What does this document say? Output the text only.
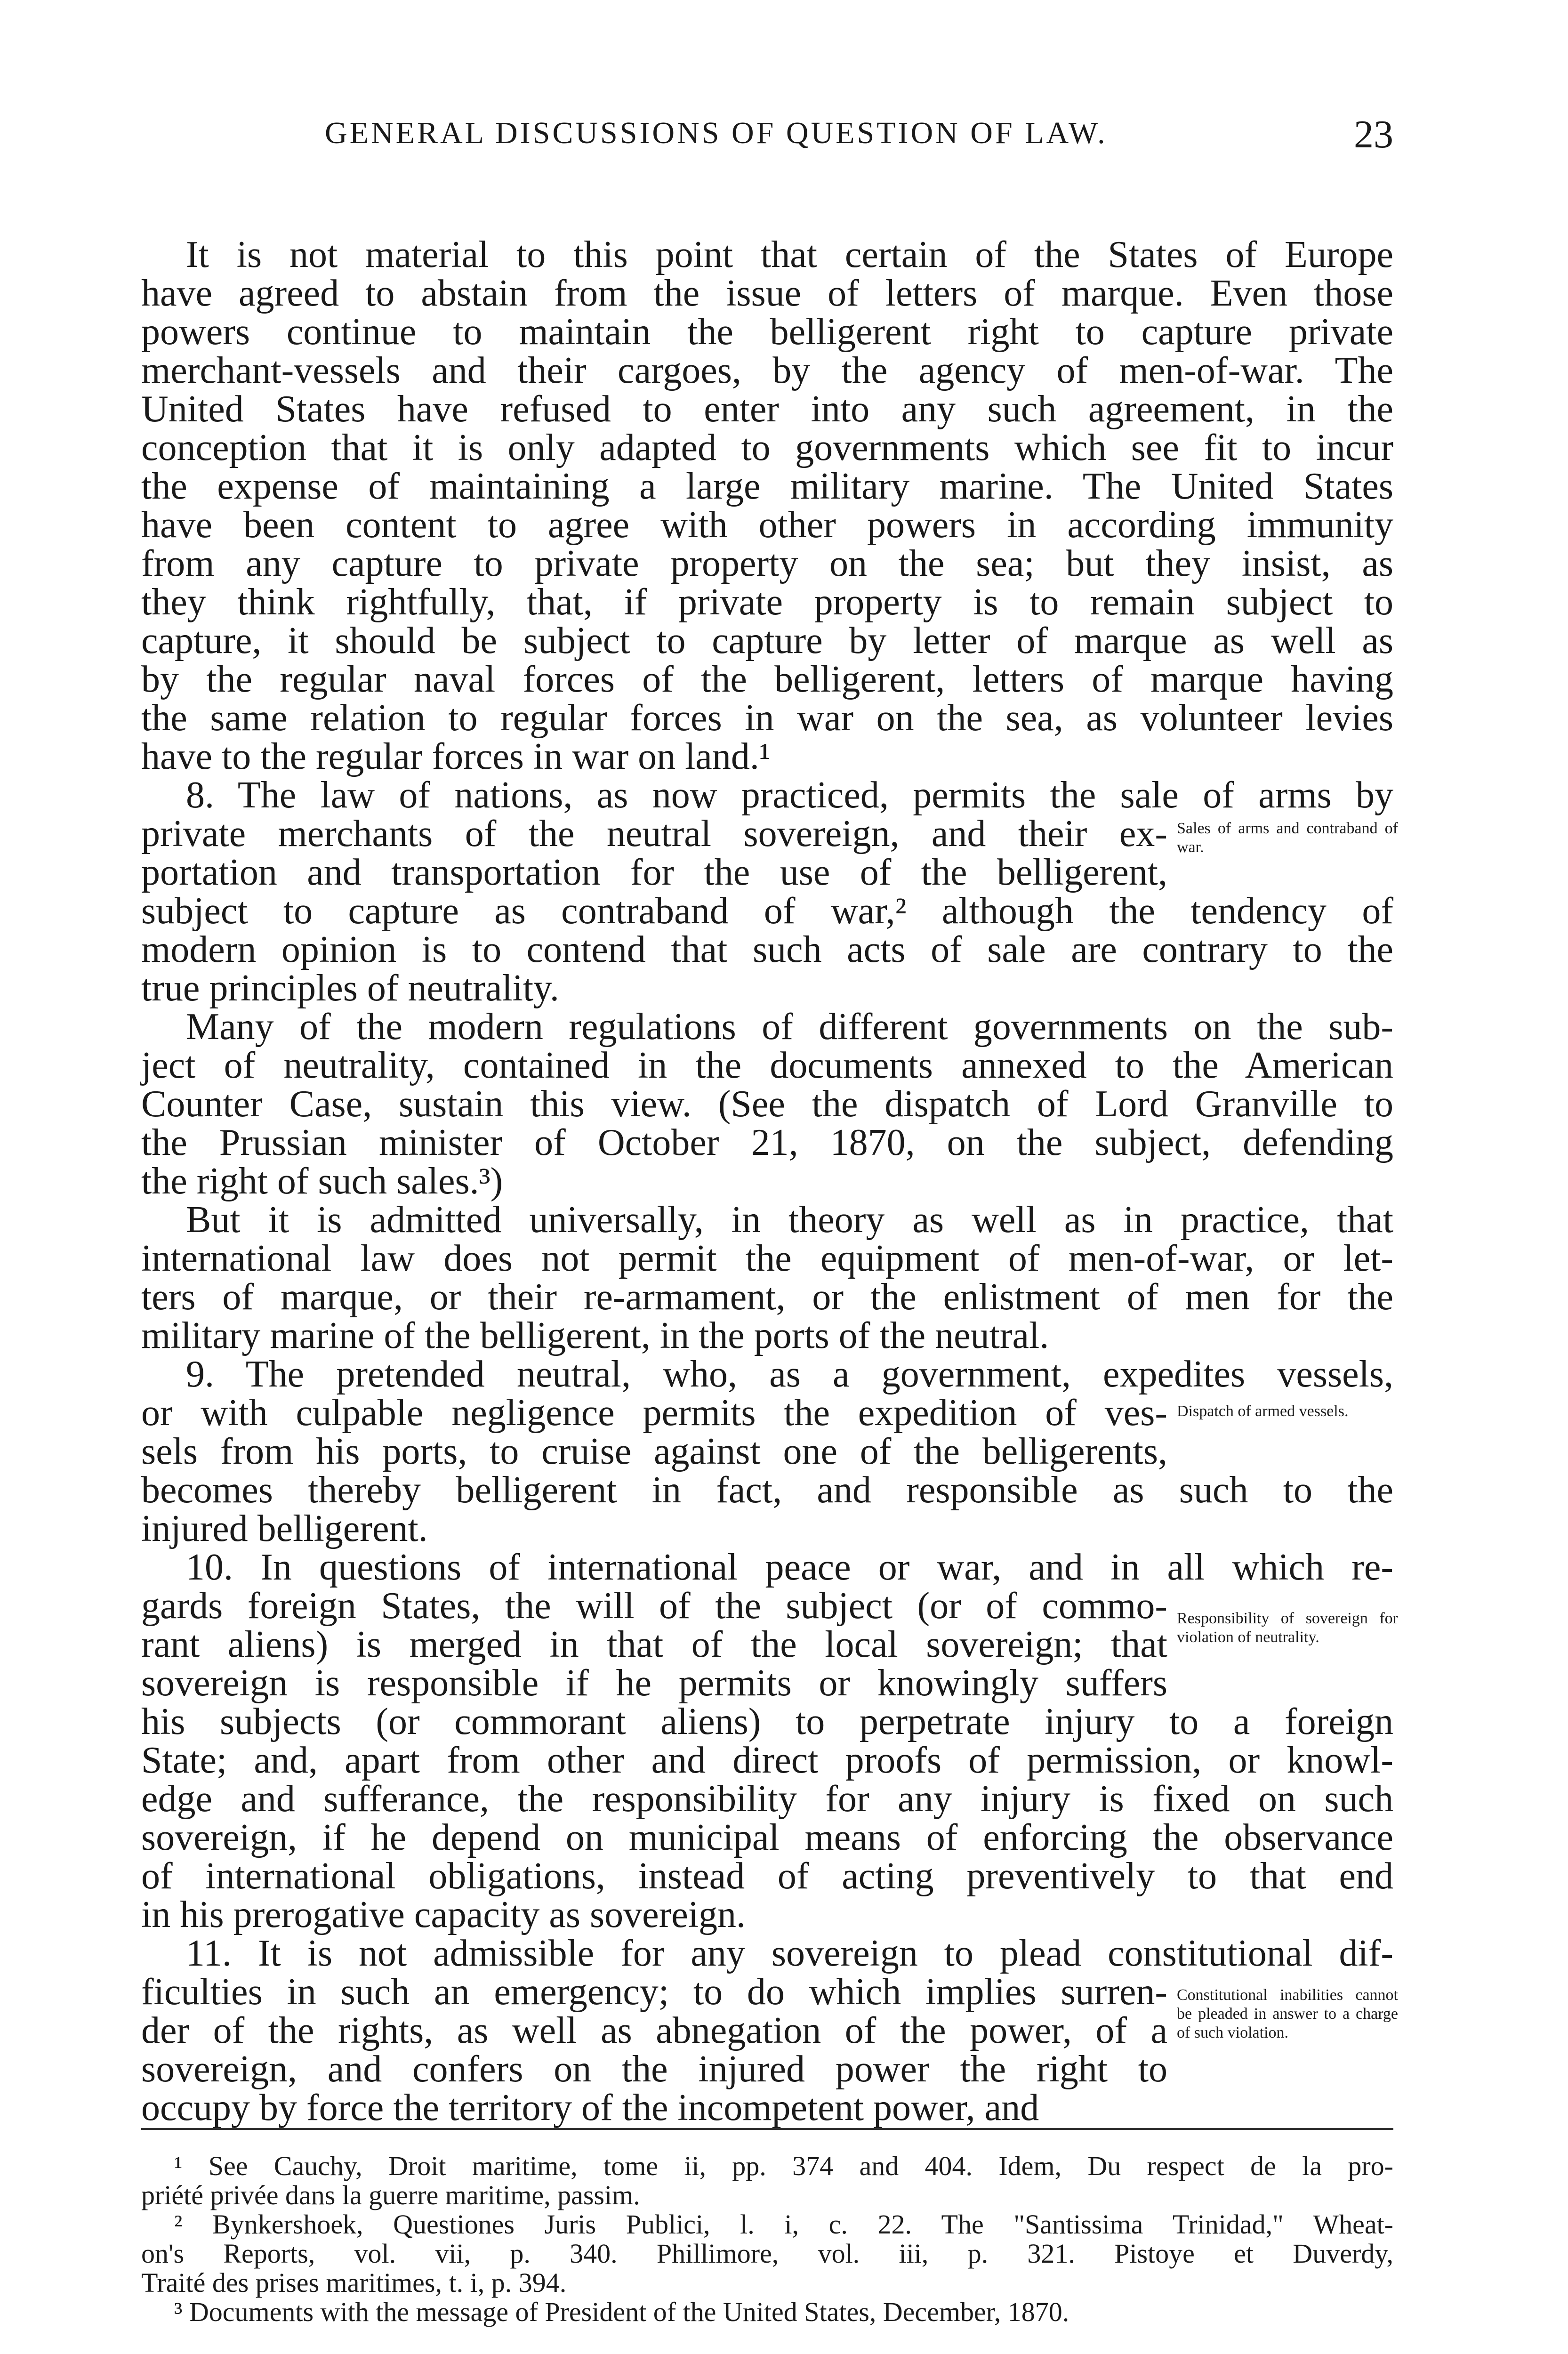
GENERAL DISCUSSIONS OF QUESTION OF LAW.	23
It is not material to this point that certain of the States of Europe
have agreed to abstain from the issue of letters of marque. Even those
powers continue to maintain the belligerent right to capture private
merchant-vessels and their cargoes, by the agency of men-of-war. The
United States have refused to enter into any such agreement, in the
conception that it is only adapted to governments which see fit to incur
the expense of maintaining a large military marine. The United States
have been content to agree with other powers in according immunity
from any capture to private property on the sea; but they insist, as
they think rightfully, that, if private property is to remain subject to
capture, it should be subject to capture by letter of marque as well as
by the regular naval forces of the belligerent, letters of marque having
the same relation to regular forces in war on the sea, as volunteer levies
have to the regular forces in war on land.¹
8. The law of nations, as now practiced, permits the sale of arms by
private merchants of the neutral sovereign, and their ex- Sales of arms and contraband of war.
portation and transportation for the use of the belligerent,
subject to capture as contraband of war,² although the tendency of
modern opinion is to contend that such acts of sale are contrary to the
true principles of neutrality.
Many of the modern regulations of different governments on the sub-
ject of neutrality, contained in the documents annexed to the American
Counter Case, sustain this view. (See the dispatch of Lord Granville to
the Prussian minister of October 21, 1870, on the subject, defending
the right of such sales.³)
But it is admitted universally, in theory as well as in practice, that
international law does not permit the equipment of men-of-war, or let-
ters of marque, or their re-armament, or the enlistment of men for the
military marine of the belligerent, in the ports of the neutral.
9. The pretended neutral, who, as a government, expedites vessels,
or with culpable negligence permits the expedition of ves- Dispatch of armed vessels.
sels from his ports, to cruise against one of the belligerents,
becomes thereby belligerent in fact, and responsible as such to the
injured belligerent.
10. In questions of international peace or war, and in all which re-
gards foreign States, the will of the subject (or of commo- Responsibility of sovereign for violation of neutrality.
rant aliens) is merged in that of the local sovereign; that
sovereign is responsible if he permits or knowingly suffers
his subjects (or commorant aliens) to perpetrate injury to a foreign
State; and, apart from other and direct proofs of permission, or knowl-
edge and sufferance, the responsibility for any injury is fixed on such
sovereign, if he depend on municipal means of enforcing the observance
of international obligations, instead of acting preventively to that end
in his prerogative capacity as sovereign.
11. It is not admissible for any sovereign to plead constitutional dif-
ficulties in such an emergency; to do which implies surren- Constitutional inabilities cannot be pleaded in answer to a charge of such violation.
der of the rights, as well as abnegation of the power, of a
sovereign, and confers on the injured power the right to
occupy by force the territory of the incompetent power, and
¹ See Cauchy, Droit maritime, tome ii, pp. 374 and 404. Idem, Du respect de la pro-
priété privée dans la guerre maritime, passim.
² Bynkershoek, Questiones Juris Publici, l. i, c. 22. The "Santissima Trinidad," Wheat-
on's Reports, vol. vii, p. 340. Phillimore, vol. iii, p. 321. Pistoye et Duverdy,
Traité des prises maritimes, t. i, p. 394.
³ Documents with the message of President of the United States, December, 1870.
